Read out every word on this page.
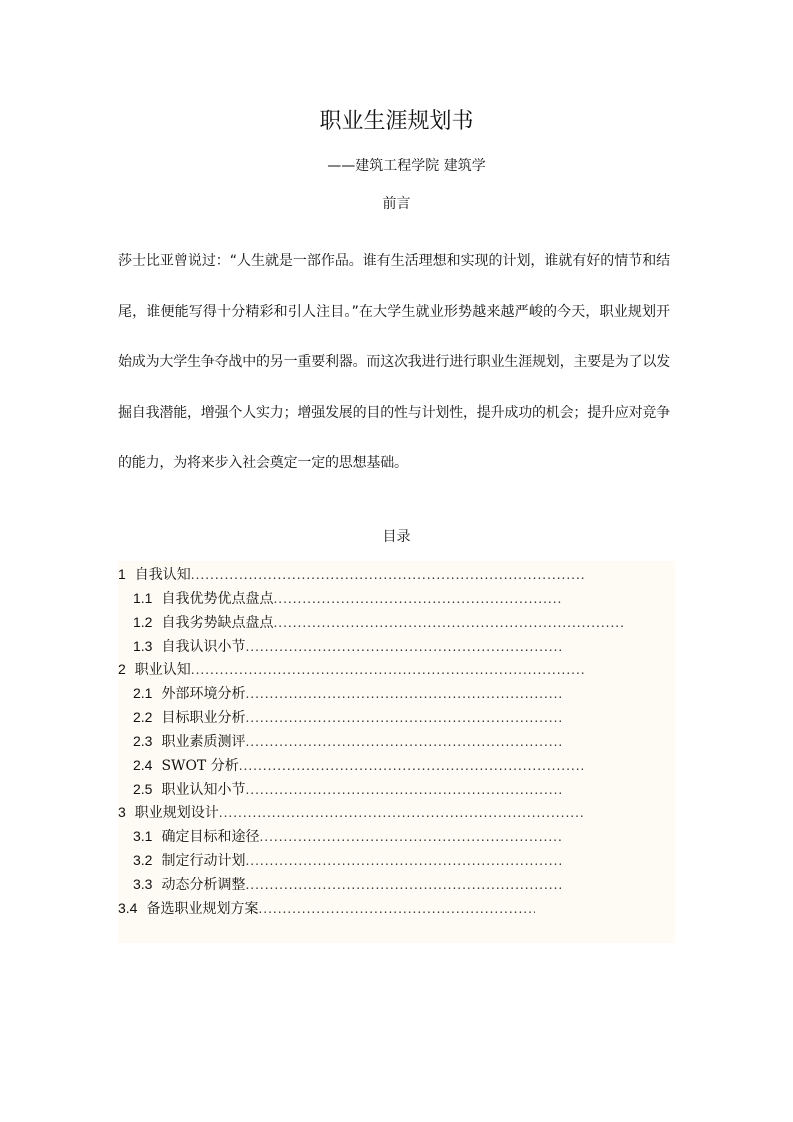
职业生涯规划书
——建筑工程学院 建筑学
前言
莎士比亚曾说过：“人生就是一部作品。谁有生活理想和实现的计划，谁就有好的情节和结尾，谁便能写得十分精彩和引人注目。”在大学生就业形势越来越严峻的今天，职业规划开始成为大学生争夺战中的另一重要利器。而这次我进行进行职业生涯规划，主要是为了以发掘自我潜能，增强个人实力；增强发展的目的性与计划性，提升成功的机会；提升应对竞争的能力，为将来步入社会奠定一定的思想基础。
目录
1 自我认知
.....
1.1 自我优势优点盘点
.....
1.2 自我劣势缺点盘点
.....
1.3 自我认识小节
.....
2 职业认知
.....
2.1 外部环境分析
.....
2.2 目标职业分析
.....
2.3 职业素质测评
.....
2.4 SWOT 分析
.....
2.5 职业认知小节
.....
3 职业规划设计
.....
3.1 确定目标和途径
.....
3.2 制定行动计划
.....
3.3 动态分析调整
.....
3.4 备选职业规划方案
.....
